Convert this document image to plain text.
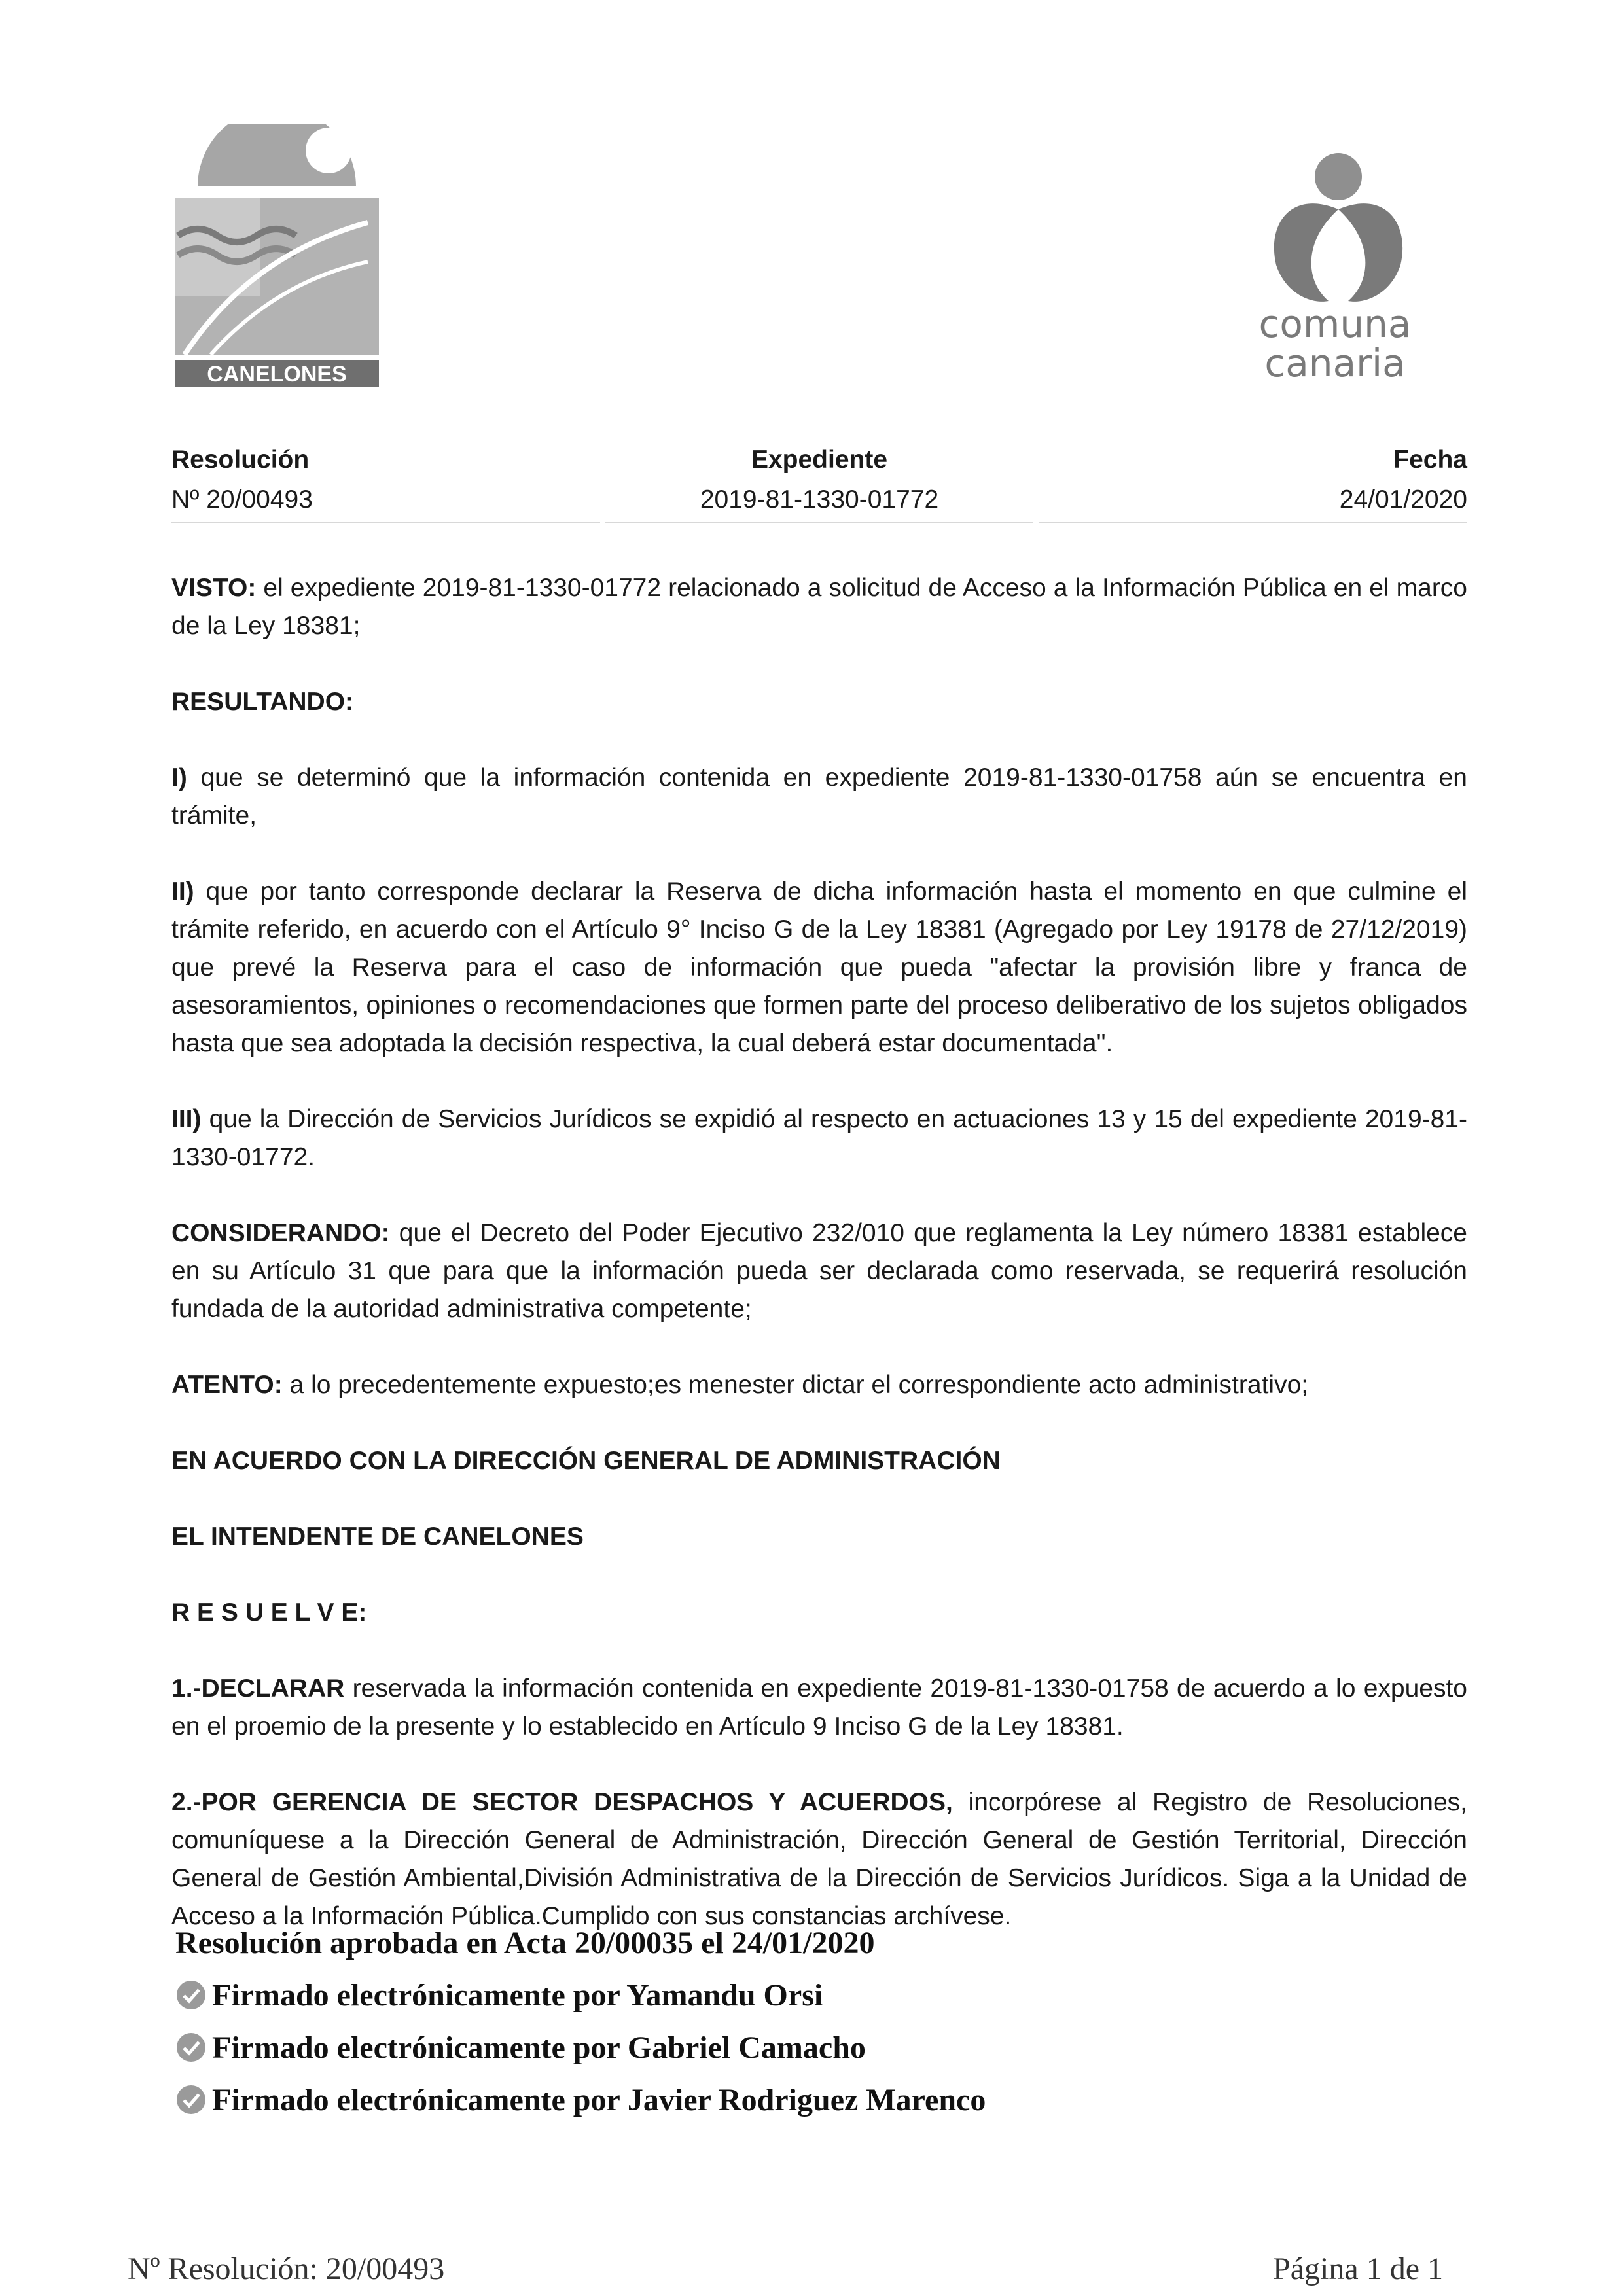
CANELONES
comuna
canaria
Resolución
Nº 20/00493
Expediente
2019-81-1330-01772
Fecha
24/01/2020

VISTO: el expediente 2019-81-1330-01772 relacionado a solicitud de Acceso a la Información Pública en el marco de la Ley 18381;

RESULTANDO:

I) que se determinó que la información contenida en expediente 2019-81-1330-01758 aún se encuentra en trámite,

II) que por tanto corresponde declarar la Reserva de dicha información hasta el momento en que culmine el trámite referido, en acuerdo con el Artículo 9° Inciso G de la Ley 18381 (Agregado por Ley 19178 de 27/12/2019) que prevé la Reserva para el caso de información que pueda "afectar la provisión libre y franca de asesoramientos, opiniones o recomendaciones que formen parte del proceso deliberativo de los sujetos obligados hasta que sea adoptada la decisión respectiva, la cual deberá estar documentada".

III) que la Dirección de Servicios Jurídicos se expidió al respecto en actuaciones 13 y 15 del expediente 2019-81-1330-01772.

CONSIDERANDO: que el Decreto del Poder Ejecutivo 232/010 que reglamenta la Ley número 18381 establece en su Artículo 31 que para que la información pueda ser declarada como reservada, se requerirá resolución fundada de la autoridad administrativa competente;

ATENTO: a lo precedentemente expuesto;es menester dictar el correspondiente acto administrativo;

EN ACUERDO CON LA DIRECCIÓN GENERAL DE ADMINISTRACIÓN

EL INTENDENTE DE CANELONES

R E S U E L V E:

1.-DECLARAR reservada la información contenida en expediente 2019-81-1330-01758 de acuerdo a lo expuesto en el proemio de la presente y lo establecido en Artículo 9 Inciso G de la Ley 18381.

2.-POR GERENCIA DE SECTOR DESPACHOS Y ACUERDOS, incorpórese al Registro de Resoluciones, comuníquese a la Dirección General de Administración, Dirección General de Gestión Territorial, Dirección General de Gestión Ambiental,División Administrativa de la Dirección de Servicios Jurídicos. Siga a la Unidad de Acceso a la Información Pública.Cumplido con sus constancias archívese.

Resolución aprobada en Acta 20/00035 el 24/01/2020
Firmado electrónicamente por Yamandu Orsi
Firmado electrónicamente por Gabriel Camacho
Firmado electrónicamente por Javier Rodriguez Marenco
Nº Resolución: 20/00493	Página 1 de 1
